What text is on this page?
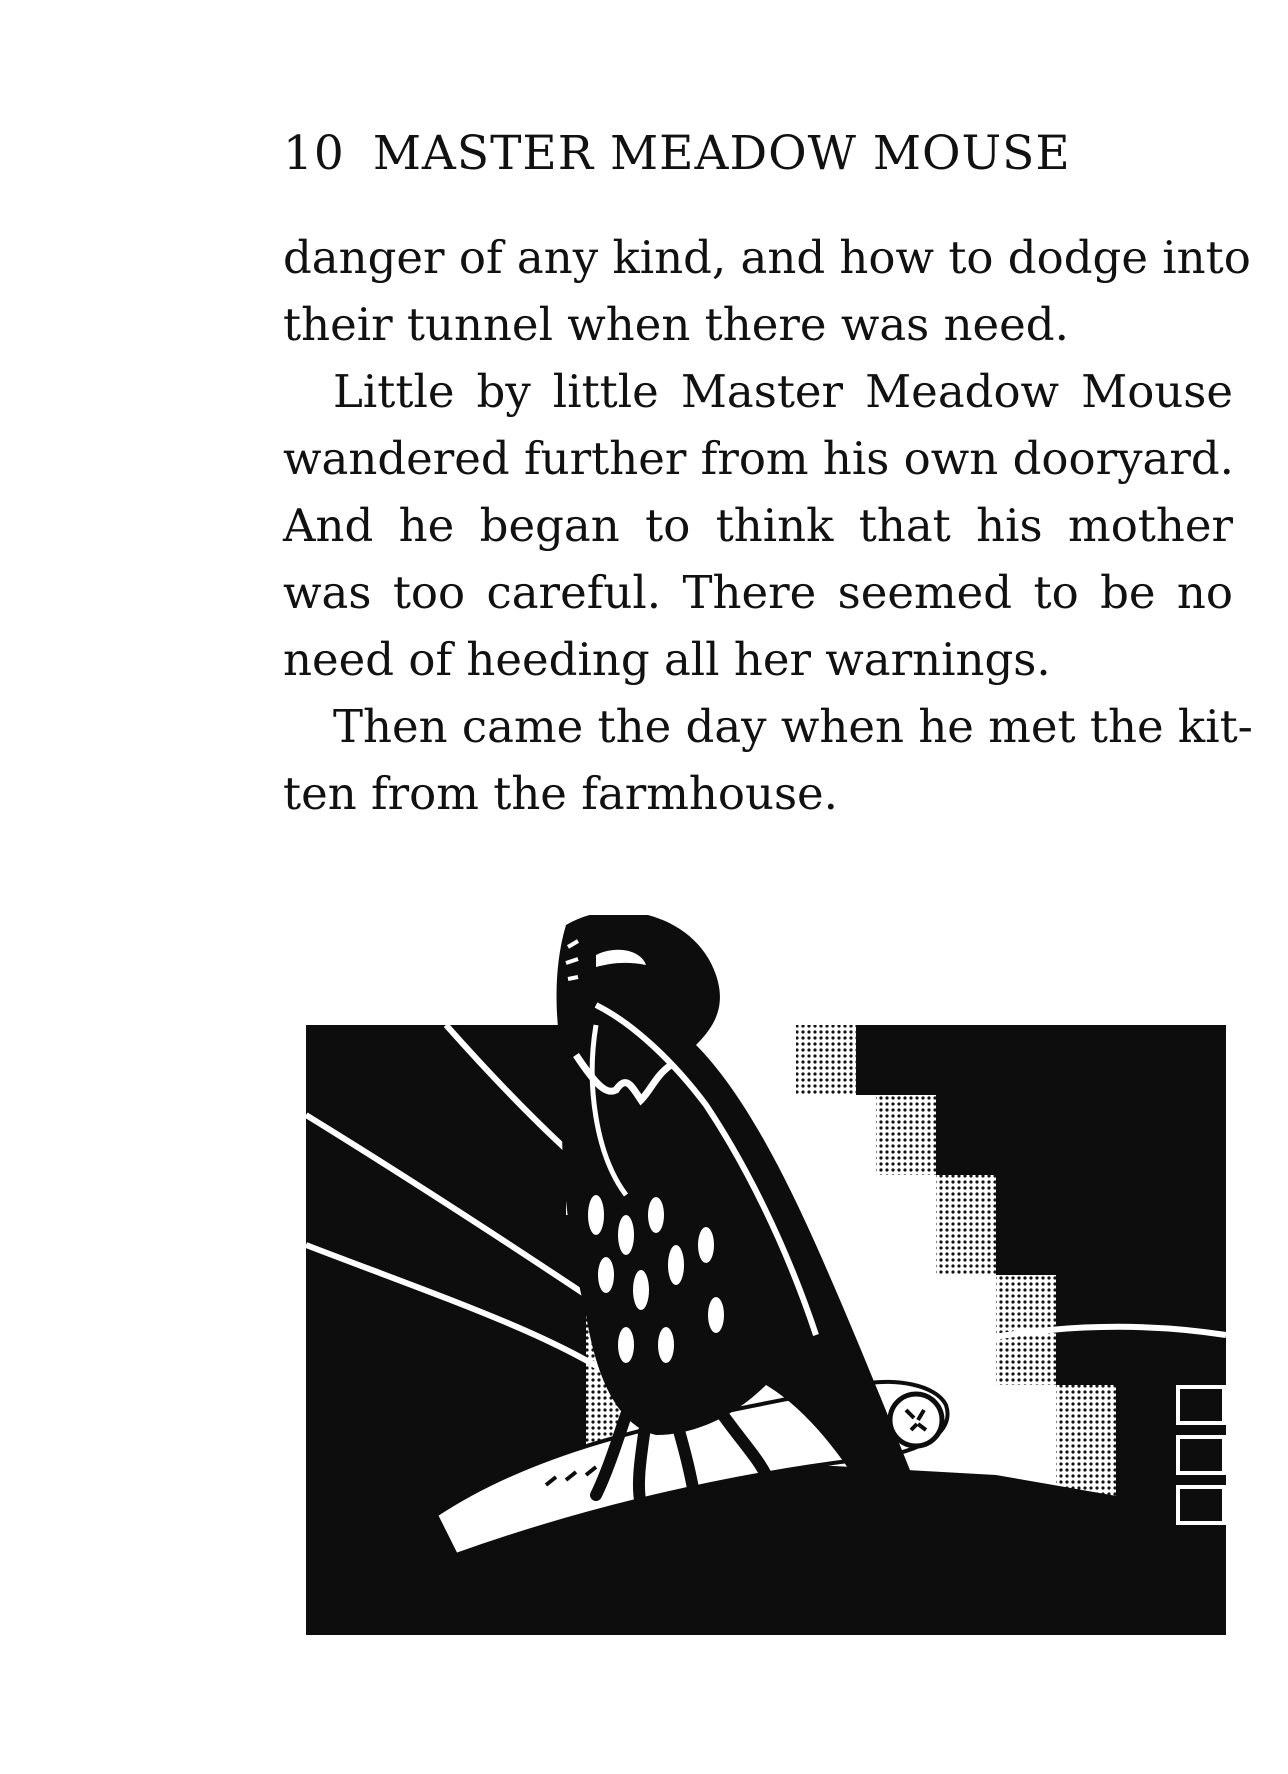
10 MASTER MEADOW MOUSE
danger of any kind, and how to dodge into
their tunnel when there was need.
Little by little Master Meadow Mouse
wandered further from his own dooryard.
And he began to think that his mother
was too careful. There seemed to be no
need of heeding all her warnings.
Then came the day when he met the kit-
ten from the farmhouse.
